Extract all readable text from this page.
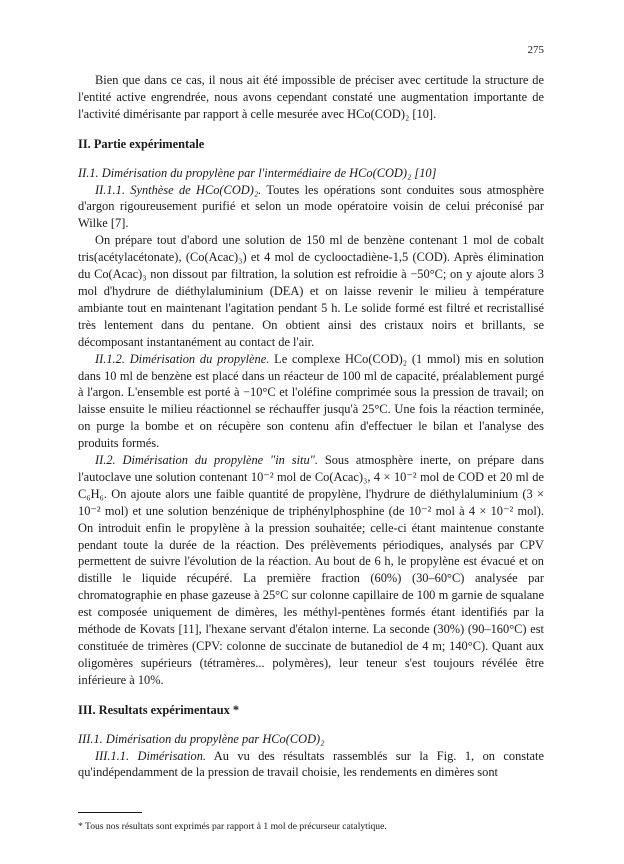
275

Bien que dans ce cas, il nous ait été impossible de préciser avec certitude la structure de l'entité active engrendrée, nous avons cependant constaté une augmentation importante de l'activité dimérisante par rapport à celle mesurée avec HCo(COD)₂ [10].

II. Partie expérimentale

II.1. Dimérisation du propylène par l'intermédiaire de HCo(COD)₂ [10]

II.1.1. Synthèse de HCo(COD)₂. Toutes les opérations sont conduites sous atmosphère d'argon rigoureusement purifié et selon un mode opératoire voisin de celui préconisé par Wilke [7].

On prépare tout d'abord une solution de 150 ml de benzène contenant 1 mol de cobalt tris(acétylacétonate), (Co(Acac)₃) et 4 mol de cyclooctadiène-1,5 (COD). Après élimination du Co(Acac)₃ non dissout par filtration, la solution est refroidie à −50°C; on y ajoute alors 3 mol d'hydrure de diéthylaluminium (DEA) et on laisse revenir le milieu à température ambiante tout en maintenant l'agitation pendant 5 h. Le solide formé est filtré et recristallisé très lentement dans du pentane. On obtient ainsi des cristaux noirs et brillants, se décomposant instantanément au contact de l'air.

II.1.2. Dimérisation du propylène. Le complexe HCo(COD)₂ (1 mmol) mis en solution dans 10 ml de benzène est placé dans un réacteur de 100 ml de capacité, préalablement purgé à l'argon. L'ensemble est porté à −10°C et l'oléfine comprimée sous la pression de travail; on laisse ensuite le milieu réactionnel se réchauffer jusqu'à 25°C. Une fois la réaction terminée, on purge la bombe et on récupère son contenu afin d'effectuer le bilan et l'analyse des produits formés.

II.2. Dimérisation du propylène "in situ". Sous atmosphère inerte, on prépare dans l'autoclave une solution contenant 10⁻² mol de Co(Acac)₃, 4 × 10⁻² mol de COD et 20 ml de C₆H₆. On ajoute alors une faible quantité de propylène, l'hydrure de diéthylaluminium (3 × 10⁻² mol) et une solution benzénique de triphénylphosphine (de 10⁻² mol à 4 × 10⁻² mol). On introduit enfin le propylène à la pression souhaitée; celle-ci étant maintenue constante pendant toute la durée de la réaction. Des prélèvements périodiques, analysés par CPV permettent de suivre l'évolution de la réaction. Au bout de 6 h, le propylène est évacué et on distille le liquide récupéré. La première fraction (60%) (30–60°C) analysée par chromatographie en phase gazeuse à 25°C sur colonne capillaire de 100 m garnie de squalane est composée uniquement de dimères, les méthyl-pentènes formés étant identifiés par la méthode de Kovats [11], l'hexane servant d'étalon interne. La seconde (30%) (90–160°C) est constituée de trimères (CPV: colonne de succinate de butanediol de 4 m; 140°C). Quant aux oligomères supérieurs (tétramères... polymères), leur teneur s'est toujours révélée être inférieure à 10%.

III. Resultats expérimentaux *

III.1. Dimérisation du propylène par HCo(COD)₂

III.1.1. Dimérisation. Au vu des résultats rassemblés sur la Fig. 1, on constate qu'indépendamment de la pression de travail choisie, les rendements en dimères sont

* Tous nos résultats sont exprimés par rapport à 1 mol de précurseur catalytique.
